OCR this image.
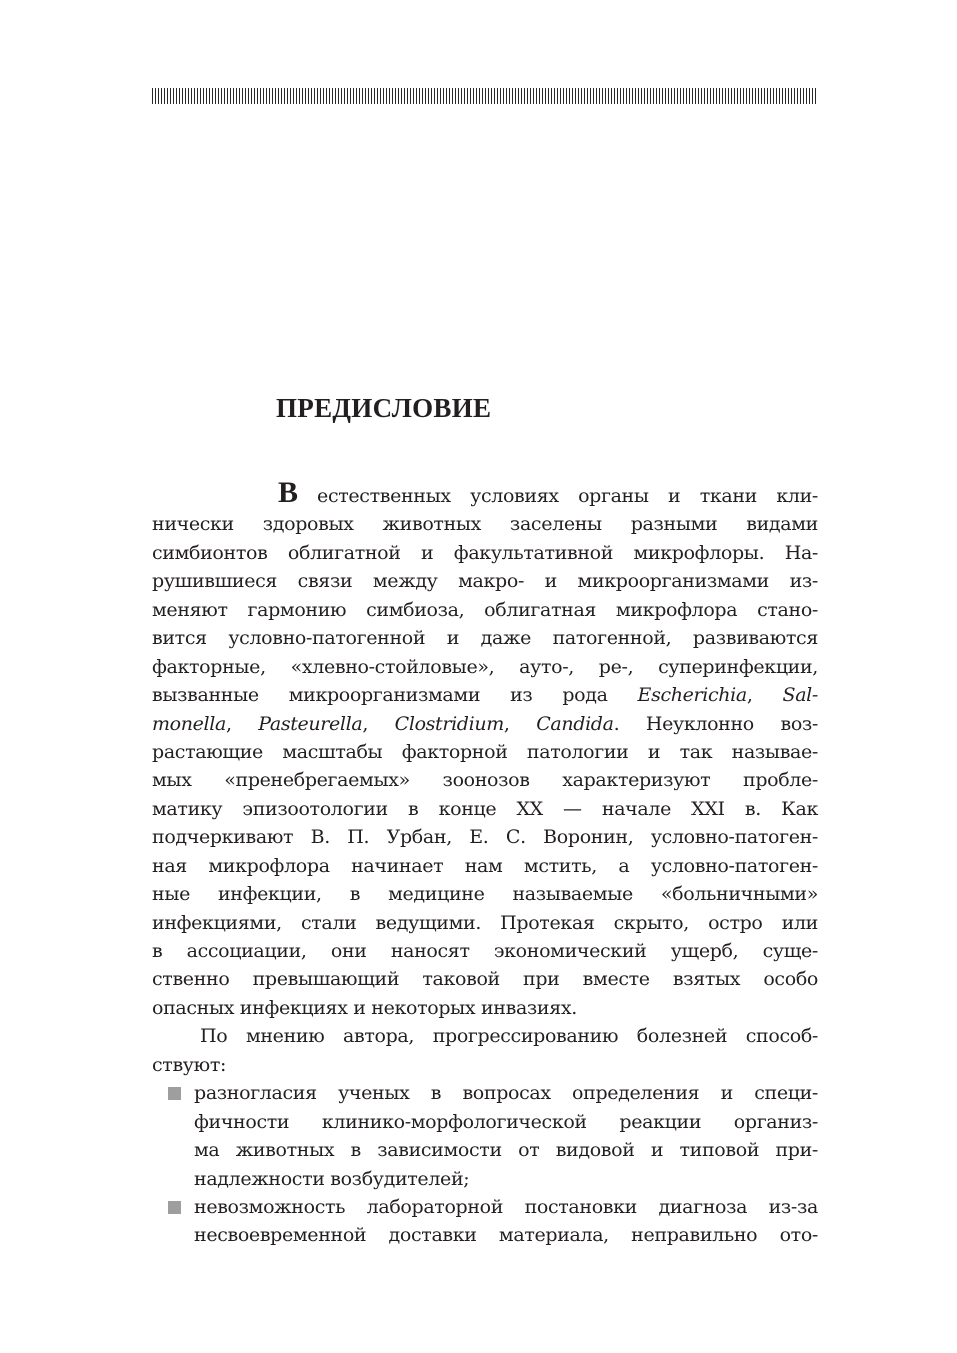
ПРЕДИСЛОВИЕ
В естественных условиях органы и ткани кли-
нически здоровых животных заселены разными видами
симбионтов облигатной и факультативной микрофлоры. На-
рушившиеся связи между макро- и микроорганизмами из-
меняют гармонию симбиоза, облигатная микрофлора стано-
вится условно-патогенной и даже патогенной, развиваются
факторные, «хлевно-стойловые», ауто-, ре-, суперинфекции,
вызванные микроорганизмами из рода Escherichia, Sal-
monella, Pasteurella, Clostridium, Candida. Неуклонно воз-
растающие масштабы факторной патологии и так называе-
мых «пренебрегаемых» зоонозов характеризуют пробле-
матику эпизоотологии в конце XX — начале XXI в. Как
подчеркивают В. П. Урбан, Е. С. Воронин, условно-патоген-
ная микрофлора начинает нам мстить, а условно-патоген-
ные инфекции, в медицине называемые «больничными»
инфекциями, стали ведущими. Протекая скрыто, остро или
в ассоциации, они наносят экономический ущерб, суще-
ственно превышающий таковой при вместе взятых особо
опасных инфекциях и некоторых инвазиях.
По мнению автора, прогрессированию болезней способ-
ствуют:
разногласия ученых в вопросах определения и специ-
фичности клинико-морфологической реакции организ-
ма животных в зависимости от видовой и типовой при-
надлежности возбудителей;
невозможность лабораторной постановки диагноза из-за
несвоевременной доставки материала, неправильно ото-
